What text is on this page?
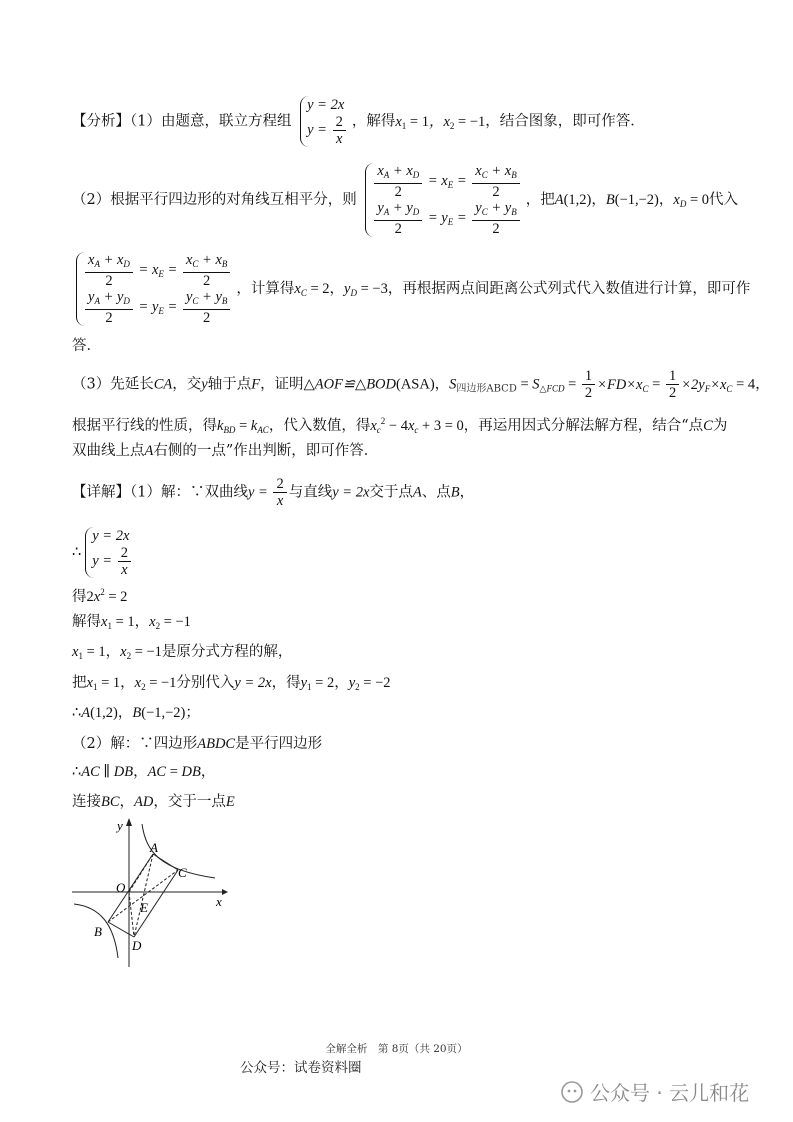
【分析】（1）由题意，联立方程组
y = 2x
$y = \frac{2}{x}$ ，解得$x_1 = 1$，$x_2 = -1$，结合图象，即可作答．
（2）根据平行四边形的对角线互相平分，则 $\frac{x_A + x_D}{2} = x_E = \frac{x_C + x_B}{2}$
$\frac{y_A + y_D}{2} = y_E = \frac{y_C + y_B}{2}$ ，把A(1,2)，B(−1,−2)，$x_D = 0$代入
$\frac{x_A + x_D}{2} = x_E = \frac{x_C + x_B}{2}$
$\frac{y_A + y_D}{2} = y_E = \frac{y_C + y_B}{2}$ ，计算得$x_C = 2$，$y_D = -3$，再根据两点间距离公式列式代入数值进行计算，即可作
答．
（3）先延长CA，交y轴于点F，证明△AOF≌△BOD(ASA)，$S_{四边形ABCD} = S_{\triangle FCD} = \frac{1}{2} \times FD\times x_C = \frac{1}{2} \times 2y_F\times x_C = 4$，
根据平行线的性质，得$k_{BD} = k_{AC}$，代入数值，得$x_c^2 - 4x_c + 3 = 0$，再运用因式分解法解方程，结合“点C为
双曲线上点A右侧的一点”作出判断，即可作答．
【详解】（1）解：∵双曲线$y = \frac{2}{x}$ 与直线y = 2x交于点A、点B，
∴
y = 2x
$y = \frac{2}{x}$
得$2x^2 = 2$
解得$x_1 = 1$，$x_2 = -1$
$x_1 = 1$，$x_2 = -1$是原分式方程的解，
把$x_1 = 1$，$x_2 = -1$分别代入y = 2x，得$y_1 = 2$，$y_2 = -2$
∴A(1,2)，B(−1,−2)；
（2）解：∵四边形ABDC是平行四边形
∴AC ∥ DB，AC = DB，
连接BC，AD，交于一点E
y
x
O
A
C
E
B
D
全解全析　第 8页（共 20页）
公众号：试卷资料圈
公众号 · 云儿和花
